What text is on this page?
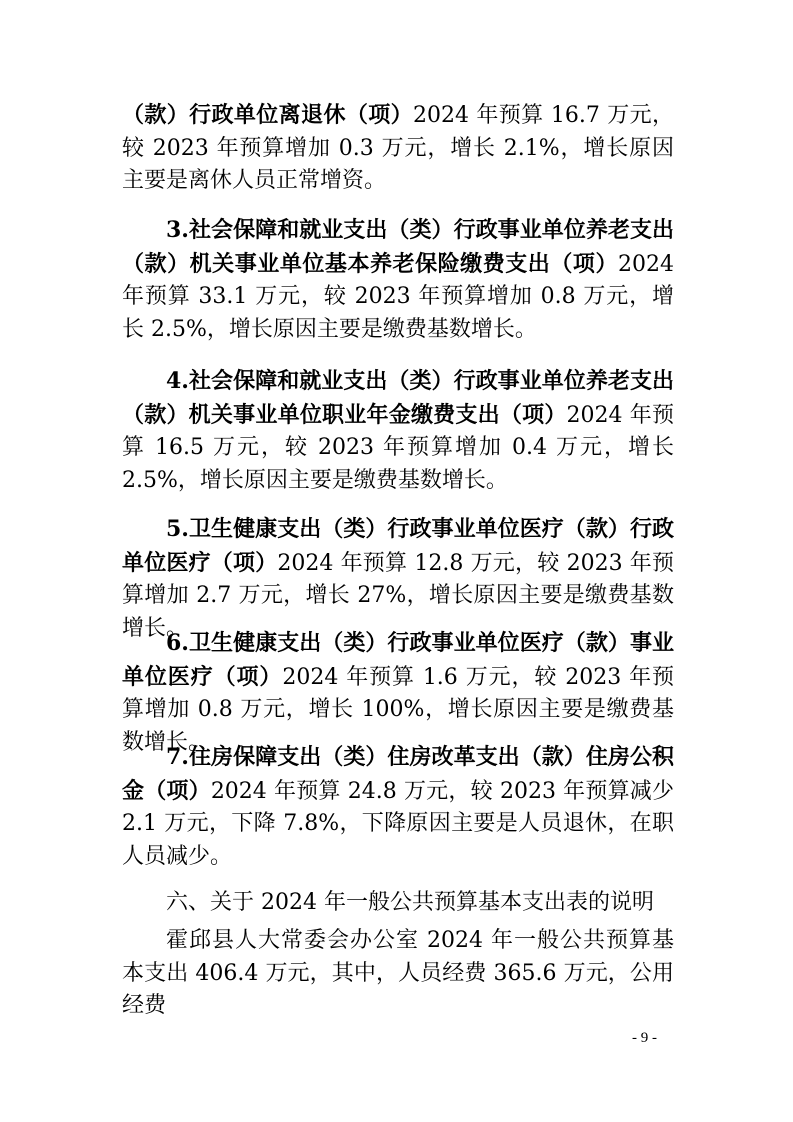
（款）行政单位离退休（项）2024 年预算 16.7 万元，较 2023 年预算增加 0.3 万元，增长 2.1%，增长原因主要是离休人员正常增资。

3.社会保障和就业支出（类）行政事业单位养老支出（款）机关事业单位基本养老保险缴费支出（项）2024 年预算 33.1 万元，较 2023 年预算增加 0.8 万元，增长 2.5%，增长原因主要是缴费基数增长。

4.社会保障和就业支出（类）行政事业单位养老支出（款）机关事业单位职业年金缴费支出（项）2024 年预算 16.5 万元，较 2023 年预算增加 0.4 万元，增长 2.5%，增长原因主要是缴费基数增长。

5.卫生健康支出（类）行政事业单位医疗（款）行政单位医疗（项）2024 年预算 12.8 万元，较 2023 年预算增加 2.7 万元，增长 27%，增长原因主要是缴费基数增长。

6.卫生健康支出（类）行政事业单位医疗（款）事业单位医疗（项）2024 年预算 1.6 万元，较 2023 年预算增加 0.8 万元，增长 100%，增长原因主要是缴费基数增长。

7.住房保障支出（类）住房改革支出（款）住房公积金（项）2024 年预算 24.8 万元，较 2023 年预算减少 2.1 万元，下降 7.8%，下降原因主要是人员退休，在职人员减少。

六、关于 2024 年一般公共预算基本支出表的说明

霍邱县人大常委会办公室 2024 年一般公共预算基本支出 406.4 万元，其中，人员经费 365.6 万元，公用经费

- 9 -
